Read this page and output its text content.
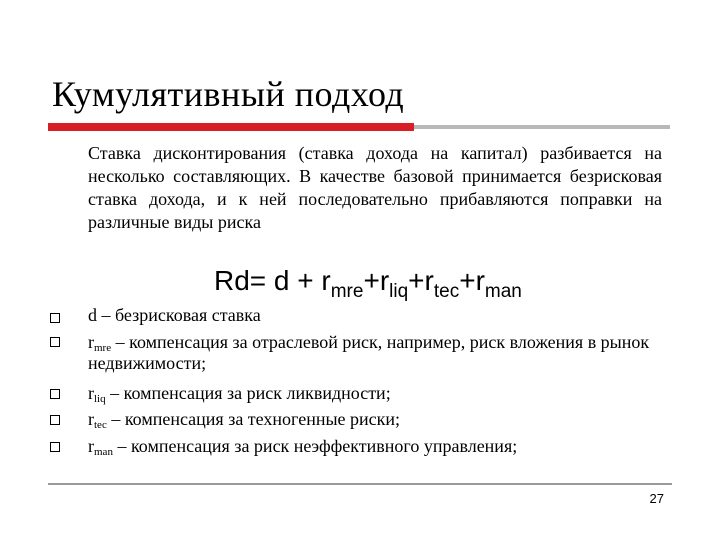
Кумулятивный подход

Ставка дисконтирования (ставка дохода на капитал) разбивается на несколько составляющих. В качестве базовой принимается безрисковая ставка дохода, и к ней последовательно прибавляются поправки на различные виды риска

$Rd= d + r_{mre}+r_{liq}+r_{tec}+r_{man}$
d – безрисковая ставка
$r_{mre}$ – компенсация за отраслевой риск, например, риск вложения в рынок недвижимости;
$r_{liq}$ – компенсация за риск ликвидности;
$r_{tec}$ – компенсация за техногенные риски;
$r_{man}$ – компенсация за риск неэффективного управления;
27
